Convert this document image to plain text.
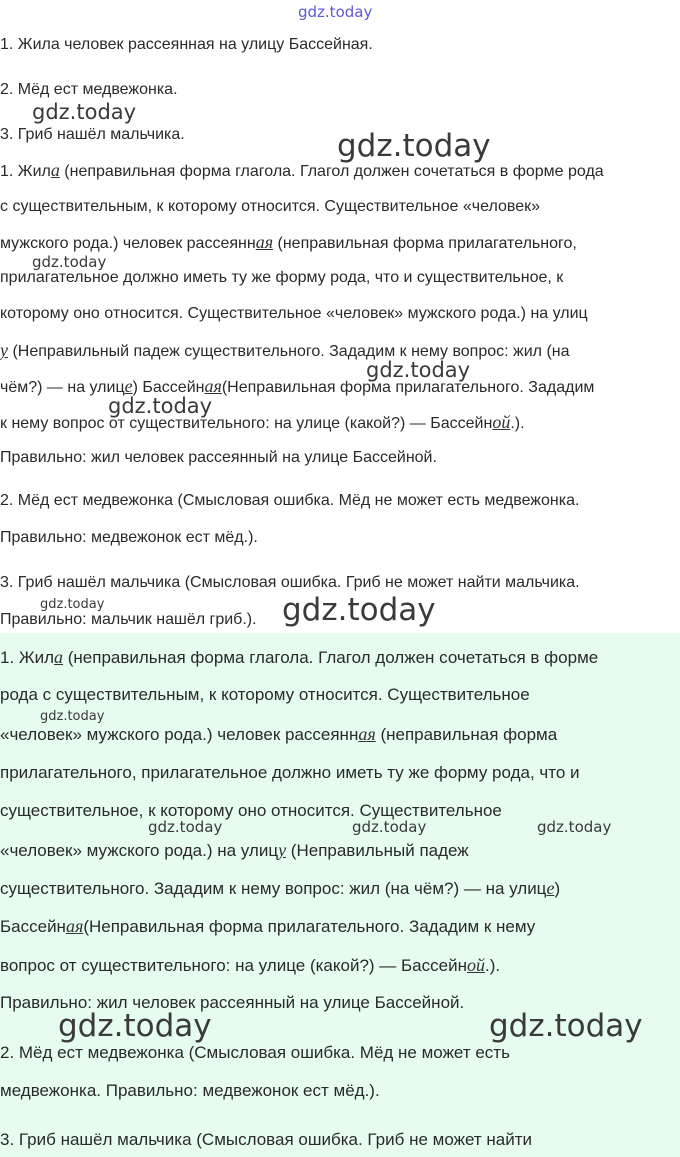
gdz.today
1. Жила человек рассеянная на улицу Бассейная.
2. Мёд ест медвежонка.
3. Гриб нашёл мальчика.
1. Жила (неправильная форма глагола. Глагол должен сочетаться в форме рода
с существительным, к которому относится. Существительное «человек»
мужского рода.) человек рассеянная (неправильная форма прилагательного,
прилагательное должно иметь ту же форму рода, что и существительное, к
которому оно относится. Существительное «человек» мужского рода.) на улиц
у (Неправильный падеж существительного. Зададим к нему вопрос: жил (на
чём?) — на улице) Бассейная(Неправильная форма прилагательного. Зададим
к нему вопрос от существительного: на улице (какой?) — Бассейной.).
Правильно: жил человек рассеянный на улице Бассейной.
2. Мёд ест медвежонка (Смысловая ошибка. Мёд не может есть медвежонка.
Правильно: медвежонок ест мёд.).
3. Гриб нашёл мальчика (Смысловая ошибка. Гриб не может найти мальчика.
Правильно: мальчик нашёл гриб.).
1. Жила (неправильная форма глагола. Глагол должен сочетаться в форме
рода с существительным, к которому относится. Существительное
«человек» мужского рода.) человек рассеянная (неправильная форма
прилагательного, прилагательное должно иметь ту же форму рода, что и
существительное, к которому оно относится. Существительное
«человек» мужского рода.) на улицу (Неправильный падеж
существительного. Зададим к нему вопрос: жил (на чём?) — на улице)
Бассейная(Неправильная форма прилагательного. Зададим к нему
вопрос от существительного: на улице (какой?) — Бассейной.).
Правильно: жил человек рассеянный на улице Бассейной.
2. Мёд ест медвежонка (Смысловая ошибка. Мёд не может есть
медвежонка. Правильно: медвежонок ест мёд.).
3. Гриб нашёл мальчика (Смысловая ошибка. Гриб не может найти
gdz.today
gdz.today
gdz.today
gdz.today
gdz.today
gdz.today	gdz.today
gdz.today
gdz.today	gdz.today	gdz.today
gdz.today	gdz.today
